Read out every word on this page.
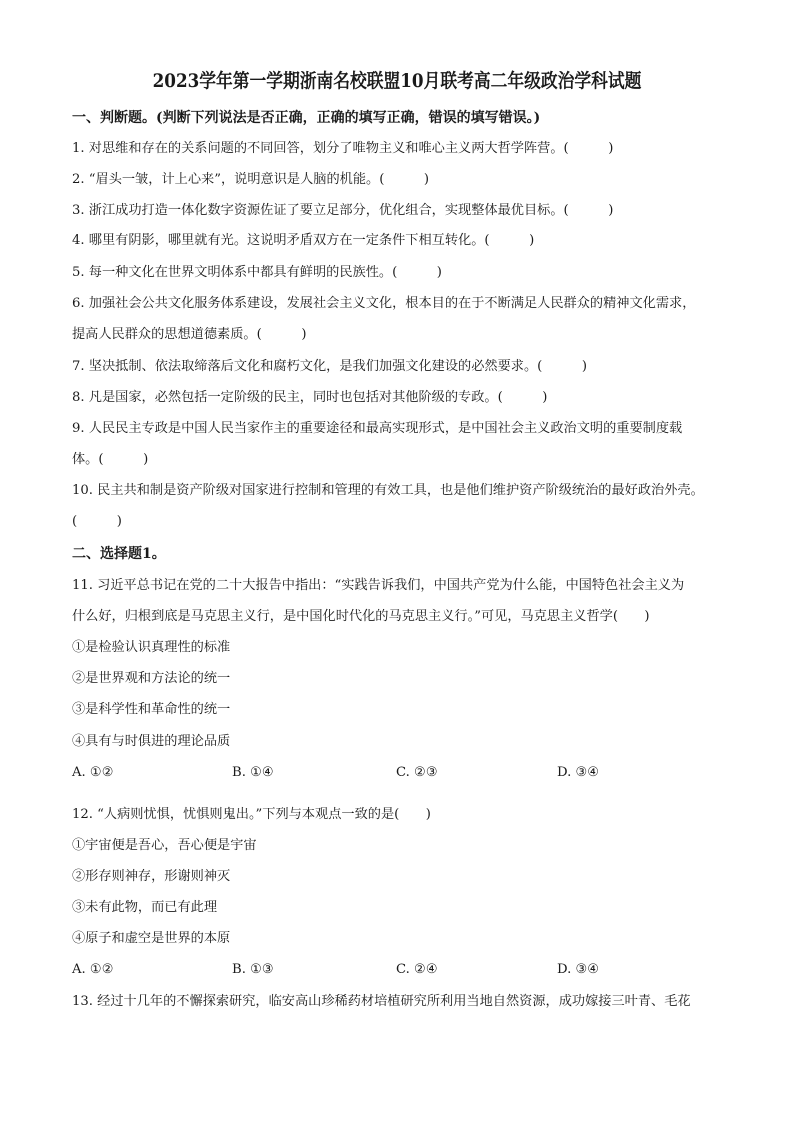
2023学年第一学期浙南名校联盟10月联考高二年级政治学科试题
一、判断题。(判断下列说法是否正确，正确的填写正确，错误的填写错误。)
1. 对思维和存在的关系问题的不同回答，划分了唯物主义和唯心主义两大哲学阵营。(　　　)
2. “眉头一皱，计上心来”，说明意识是人脑的机能。(　　　)
3. 浙江成功打造一体化数字资源佐证了要立足部分，优化组合，实现整体最优目标。(　　　)
4. 哪里有阴影，哪里就有光。这说明矛盾双方在一定条件下相互转化。(　　　)
5. 每一种文化在世界文明体系中都具有鲜明的民族性。(　　　)
6. 加强社会公共文化服务体系建设，发展社会主义文化，根本目的在于不断满足人民群众的精神文化需求，
提高人民群众的思想道德素质。(　　　)
7. 坚决抵制、依法取缔落后文化和腐朽文化，是我们加强文化建设的必然要求。(　　　)
8. 凡是国家，必然包括一定阶级的民主，同时也包括对其他阶级的专政。(　　　)
9. 人民民主专政是中国人民当家作主的重要途径和最高实现形式，是中国社会主义政治文明的重要制度载
体。(　　　)
10. 民主共和制是资产阶级对国家进行控制和管理的有效工具，也是他们维护资产阶级统治的最好政治外壳。
(　　　)
二、选择题1。
11. 习近平总书记在党的二十大报告中指出：“实践告诉我们，中国共产党为什么能，中国特色社会主义为
什么好，归根到底是马克思主义行，是中国化时代化的马克思主义行。”可见，马克思主义哲学(　　)
①是检验认识真理性的标准
②是世界观和方法论的统一
③是科学性和革命性的统一
④具有与时俱进的理论品质
A. ①②	B. ①④	C. ②③	D. ③④
12. “人病则忧惧，忧惧则鬼出。”下列与本观点一致的是(　　)
①宇宙便是吾心，吾心便是宇宙
②形存则神存，形谢则神灭
③未有此物，而已有此理
④原子和虚空是世界的本原
A. ①②	B. ①③	C. ②④	D. ③④
13. 经过十几年的不懈探索研究，临安高山珍稀药材培植研究所利用当地自然资源，成功嫁接三叶青、毛花
